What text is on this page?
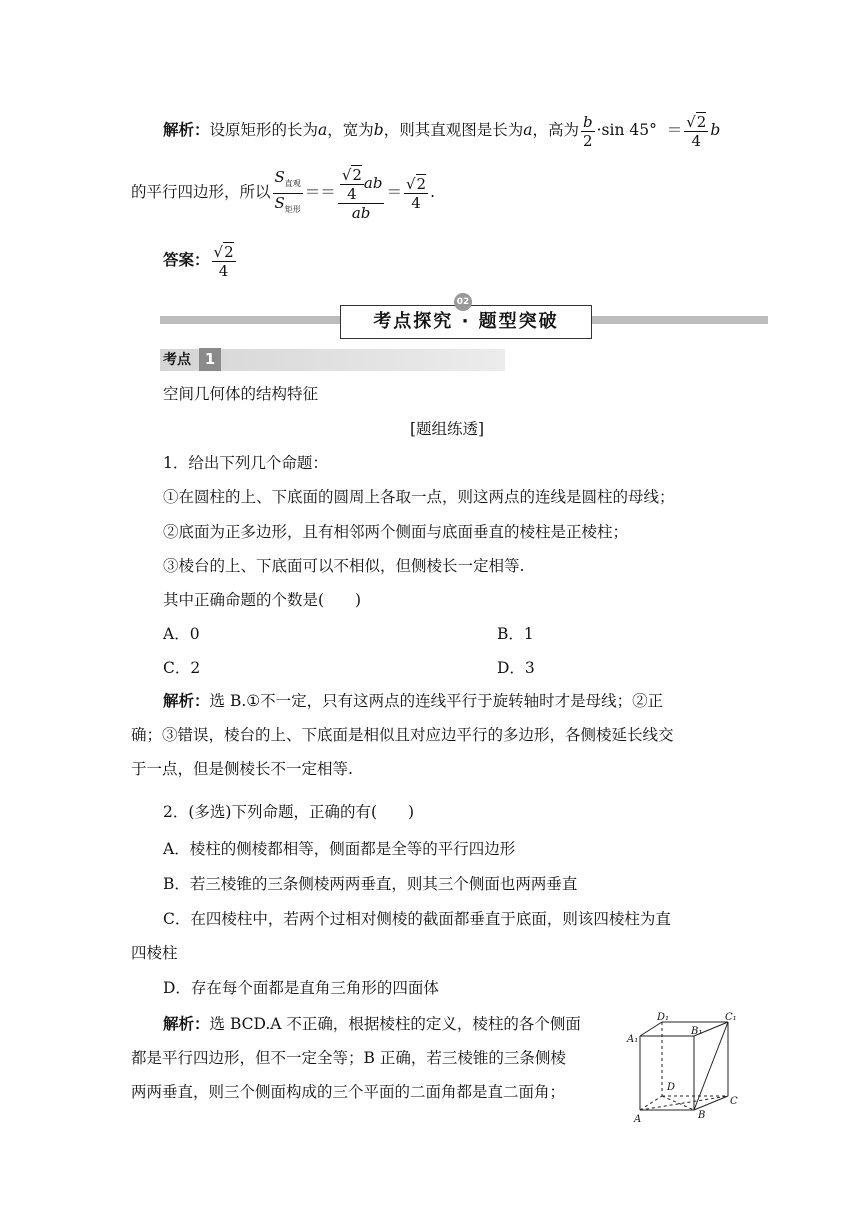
解析：设原矩形的长为a，宽为b，则其直观图是长为a，高为 $\frac{b}{2} \cdot\sin$ $45^\circ = \frac{√2}{4}$ b
的平行四边形，所以 $\frac{S_{直观}}{S_{矩形}} == \frac{\frac{√2}{4} ab}{ab} = \frac{√2}{4}$ .
答案： $\frac{√2}{4}$
考点探究 · 题型突破
02
考点 1
空间几何体的结构特征
[题组练透]
1．给出下列几个命题：
①在圆柱的上、下底面的圆周上各取一点，则这两点的连线是圆柱的母线；
②底面为正多边形，且有相邻两个侧面与底面垂直的棱柱是正棱柱；
③棱台的上、下底面可以不相似，但侧棱长一定相等.
其中正确命题的个数是(　　)
A．0	B．1
C．2	D．3
解析：选 B.①不一定，只有这两点的连线平行于旋转轴时才是母线；②正
确；③错误，棱台的上、下底面是相似且对应边平行的多边形，各侧棱延长线交
于一点，但是侧棱长不一定相等.
2．(多选)下列命题，正确的有(　　)
A．棱柱的侧棱都相等，侧面都是全等的平行四边形
B．若三棱锥的三条侧棱两两垂直，则其三个侧面也两两垂直
C．在四棱柱中，若两个过相对侧棱的截面都垂直于底面，则该四棱柱为直
四棱柱
D．存在每个面都是直角三角形的四面体
解析：选 BCD.A 不正确，根据棱柱的定义，棱柱的各个侧面
都是平行四边形，但不一定全等；B 正确，若三棱锥的三条侧棱
两两垂直，则三个侧面构成的三个平面的二面角都是直二面角；
A₁
D₁
B₁
C₁
D
A	B
C
